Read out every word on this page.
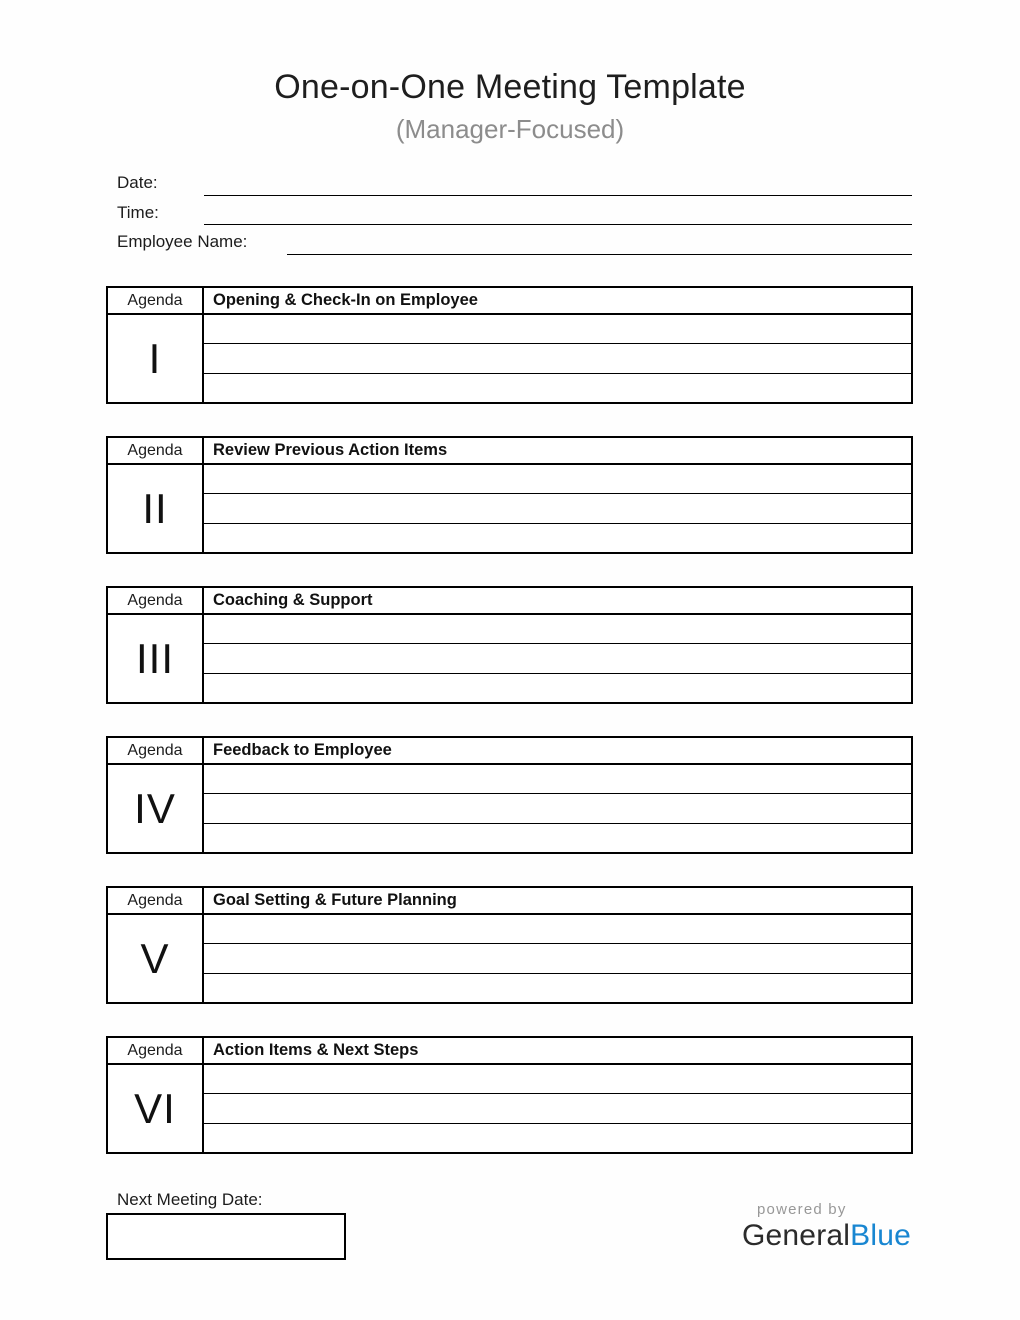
One-on-One Meeting Template
(Manager-Focused)
Date:
Time:
Employee Name:
Agenda
I
Opening & Check-In on Employee
Agenda
II
Review Previous Action Items
Agenda
III
Coaching & Support
Agenda
IV
Feedback to Employee
Agenda
V
Goal Setting & Future Planning
Agenda
VI
Action Items & Next Steps
Next Meeting Date:
powered by
GeneralBlue
